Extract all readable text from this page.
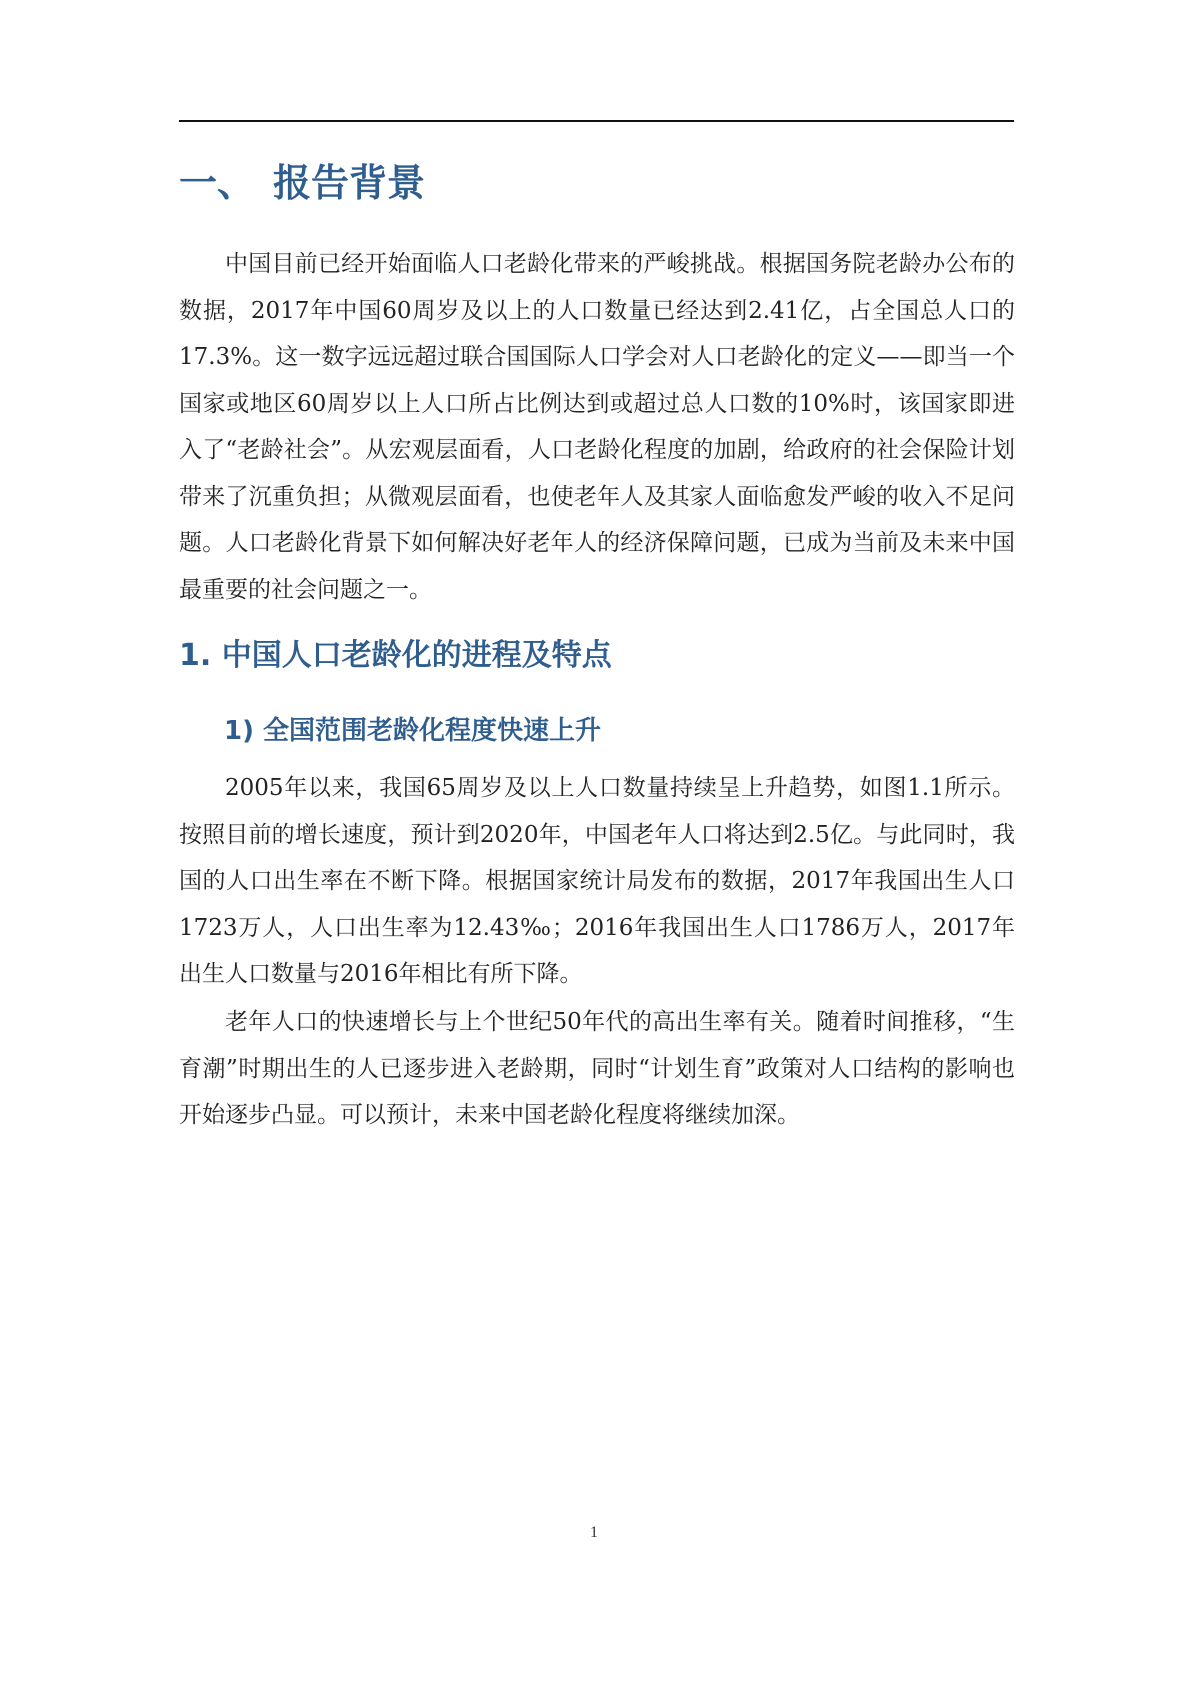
一、 报告背景

中国目前已经开始面临人口老龄化带来的严峻挑战。根据国务院老龄办公布的数据，2017年中国60周岁及以上的人口数量已经达到2.41亿，占全国总人口的17.3%。这一数字远远超过联合国国际人口学会对人口老龄化的定义——即当一个国家或地区60周岁以上人口所占比例达到或超过总人口数的10%时，该国家即进入了“老龄社会”。从宏观层面看，人口老龄化程度的加剧，给政府的社会保险计划带来了沉重负担；从微观层面看，也使老年人及其家人面临愈发严峻的收入不足问题。人口老龄化背景下如何解决好老年人的经济保障问题，已成为当前及未来中国最重要的社会问题之一。

1. 中国人口老龄化的进程及特点
1) 全国范围老龄化程度快速上升

2005年以来，我国65周岁及以上人口数量持续呈上升趋势，如图1.1所示。按照目前的增长速度，预计到2020年，中国老年人口将达到2.5亿。与此同时，我国的人口出生率在不断下降。根据国家统计局发布的数据，2017年我国出生人口1723万人，人口出生率为12.43‰；2016年我国出生人口1786万人，2017年出生人口数量与2016年相比有所下降。

老年人口的快速增长与上个世纪50年代的高出生率有关。随着时间推移，“生育潮”时期出生的人已逐步进入老龄期，同时“计划生育”政策对人口结构的影响也开始逐步凸显。可以预计，未来中国老龄化程度将继续加深。

1
